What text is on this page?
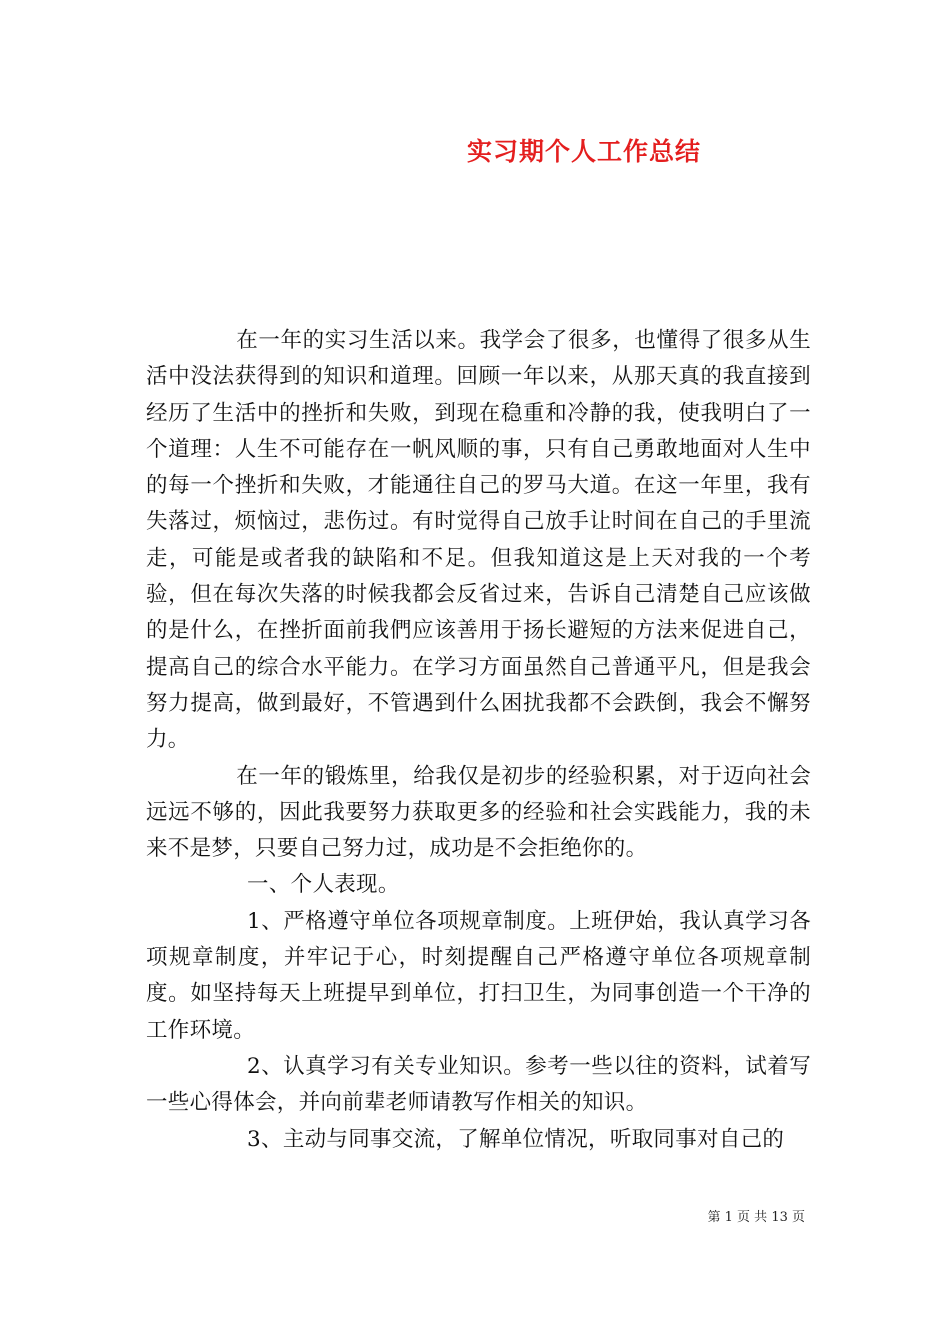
实习期个人工作总结

在一年的实习生活以来。我学会了很多，也懂得了很多从生活中没法获得到的知识和道理。回顾一年以来，从那天真的我直接到经历了生活中的挫折和失败，到现在稳重和冷静的我，使我明白了一个道理：人生不可能存在一帆风顺的事，只有自己勇敢地面对人生中的每一个挫折和失败，才能通往自己的罗马大道。在这一年里，我有失落过，烦恼过，悲伤过。有时觉得自己放手让时间在自己的手里流走，可能是或者我的缺陷和不足。但我知道这是上天对我的一个考验，但在每次失落的时候我都会反省过来，告诉自己清楚自己应该做的是什么，在挫折面前我們应该善用于扬长避短的方法来促进自己，提高自己的综合水平能力。在学习方面虽然自己普通平凡，但是我会努力提高，做到最好，不管遇到什么困扰我都不会跌倒，我会不懈努力。

在一年的锻炼里，给我仅是初步的经验积累，对于迈向社会远远不够的，因此我要努力获取更多的经验和社会实践能力，我的未来不是梦，只要自己努力过，成功是不会拒绝你的。

一、个人表现。

1、严格遵守单位各项规章制度。上班伊始，我认真学习各项规章制度，并牢记于心，时刻提醒自己严格遵守单位各项规章制度。如坚持每天上班提早到单位，打扫卫生，为同事创造一个干净的工作环境。

2、认真学习有关专业知识。参考一些以往的资料，试着写一些心得体会，并向前辈老师请教写作相关的知识。

3、主动与同事交流，了解单位情况，听取同事对自己的

第 1 页 共 13 页
